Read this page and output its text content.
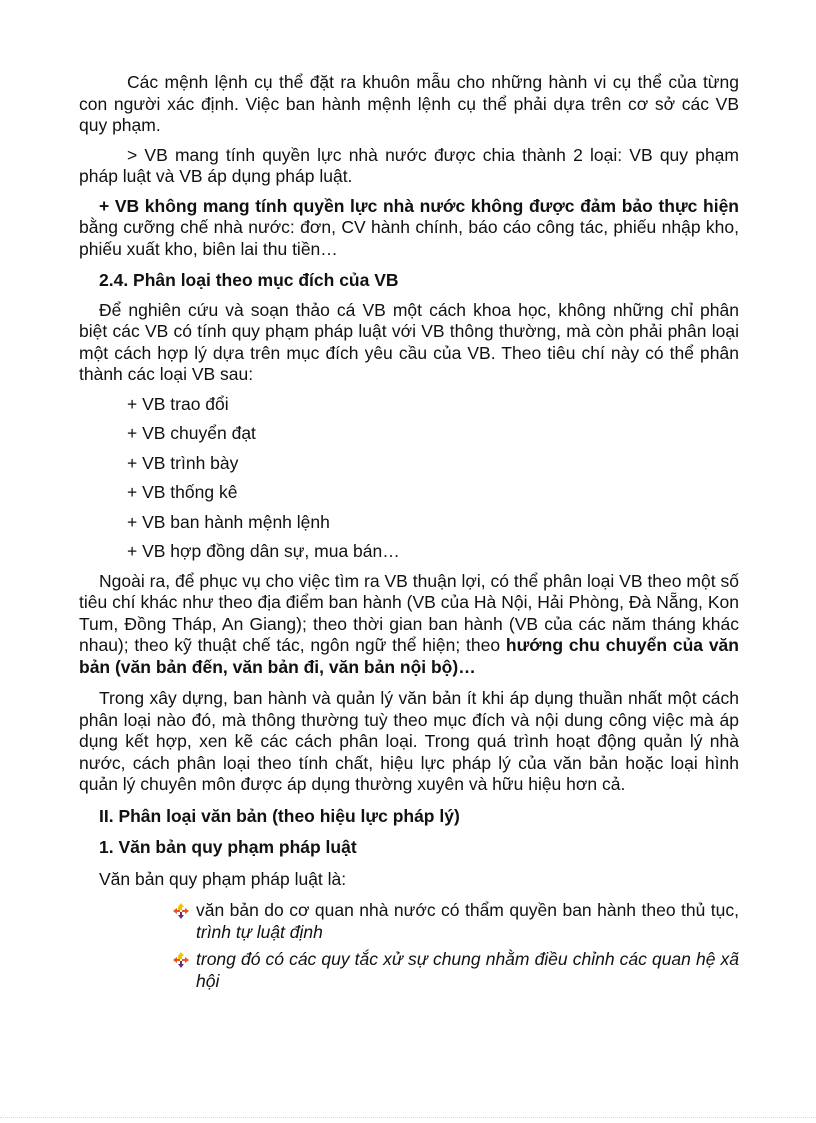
Các mệnh lệnh cụ thể đặt ra khuôn mẫu cho những hành vi cụ thể của từng con người xác định. Việc ban hành mệnh lệnh cụ thể phải dựa trên cơ sở các VB quy phạm.

> VB mang tính quyền lực nhà nước được chia thành 2 loại: VB quy phạm pháp luật và VB áp dụng pháp luật.

+ VB không mang tính quyền lực nhà nước không được đảm bảo thực hiện bằng cưỡng chế nhà nước: đơn, CV hành chính, báo cáo công tác, phiếu nhập kho, phiếu xuất kho, biên lai thu tiền…

2.4. Phân loại theo mục đích của VB

Để nghiên cứu và soạn thảo cá VB một cách khoa học, không những chỉ phân biệt các VB có tính quy phạm pháp luật với VB thông thường, mà còn phải phân loại một cách hợp lý dựa trên mục đích yêu cầu của VB. Theo tiêu chí này có thể phân thành các loại VB sau:

+ VB trao đổi
+ VB chuyển đạt
+ VB trình bày
+ VB thống kê
+ VB ban hành mệnh lệnh
+ VB hợp đồng dân sự, mua bán…

Ngoài ra, để phục vụ cho việc tìm ra VB thuận lợi, có thể phân loại VB theo một số tiêu chí khác như theo địa điểm ban hành (VB của Hà Nội, Hải Phòng, Đà Nẵng, Kon Tum, Đồng Tháp, An Giang); theo thời gian ban hành (VB của các năm tháng khác nhau); theo kỹ thuật chế tác, ngôn ngữ thể hiện; theo hướng chu chuyển của văn bản (văn bản đến, văn bản đi, văn bản nội bộ)…

Trong xây dựng, ban hành và quản lý văn bản ít khi áp dụng thuần nhất một cách phân loại nào đó, mà thông thường tuỳ theo mục đích và nội dung công việc mà áp dụng kết hợp, xen kẽ các cách phân loại. Trong quá trình hoạt động quản lý nhà nước, cách phân loại theo tính chất, hiệu lực pháp lý của văn bản hoặc loại hình quản lý chuyên môn được áp dụng thường xuyên và hữu hiệu hơn cả.

II. Phân loại văn bản (theo hiệu lực pháp lý)

1. Văn bản quy phạm pháp luật

Văn bản quy phạm pháp luật là:

văn bản do cơ quan nhà nước có thẩm quyền ban hành theo thủ tục, trình tự luật định
trong đó có các quy tắc xử sự chung nhằm điều chỉnh các quan hệ xã hội
